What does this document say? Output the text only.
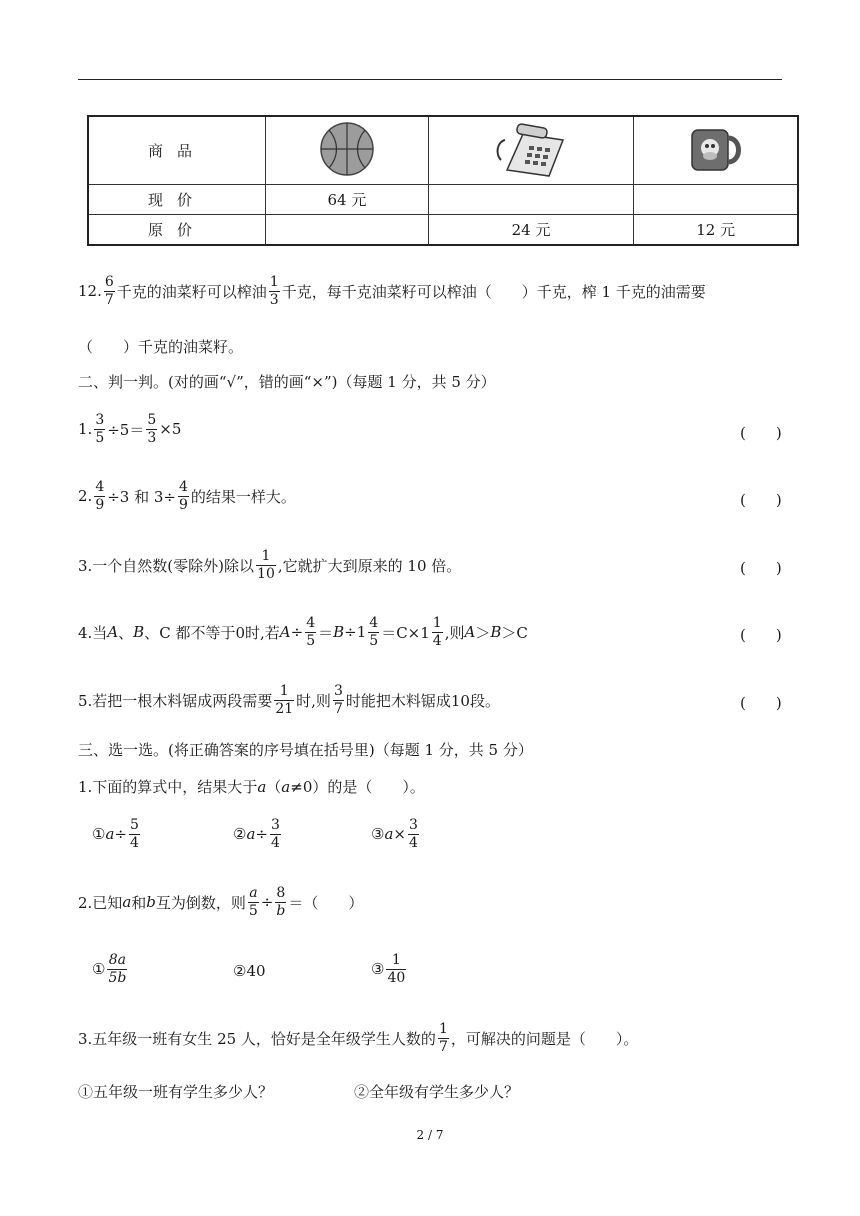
商品			
现价	64 元		
原价		24 元	12 元
12. $\frac{6}{7}$ 千克的油菜籽可以榨油 $\frac{1}{3}$ 千克，每千克油菜籽可以榨油（　　）千克，榨 1 千克的油需要
（　　）千克的油菜籽。
二、判一判。(对的画“√”，错的画“×”)（每题 1 分，共 5 分）
1. $\frac{3}{5} \div 5= \frac{5}{3} \times 5$	(　　)
2. $\frac{4}{9} \div 3$ 和 $3\div \frac{4}{9}$ 的结果一样大。	(　　)
3.一个自然数(零除外)除以 $\frac{1}{10}$ ,它就扩大到原来的 10 倍。	(　　)
4.当 A 、 B 、C 都不等于0时,若 $A \div \frac{4}{5} = B \div 1 \frac{4}{5} =C\times 1 \frac{1}{4}$ ,则 A ＞ B ＞C	(　　)
5.若把一根木料锯成两段需要 $\frac{1}{21}$ 时,则 $\frac{3}{7}$ 时能把木料锯成10段。	(　　)
三、选一选。(将正确答案的序号填在括号里)（每题 1 分，共 5 分）
1.下面的算式中，结果大于 a （ a ≠0）的是（　　）。
① $a \div \frac{5}{4}$	② $a \div \frac{3}{4}$	③ $a \times \frac{3}{4}$
2.已知 a 和 b 互为倒数，则 $\frac{a}{5} \div \frac{8}{b}$ ＝（　　）
① $\frac{8a}{5b}$	② 40	③ $\frac{1}{40}$
3.五年级一班有女生 25 人，恰好是全年级学生人数的 $\frac{1}{7}$ ，可解决的问题是（　　）。
①五年级一班有学生多少人？	②全年级有学生多少人？
2 / 7
